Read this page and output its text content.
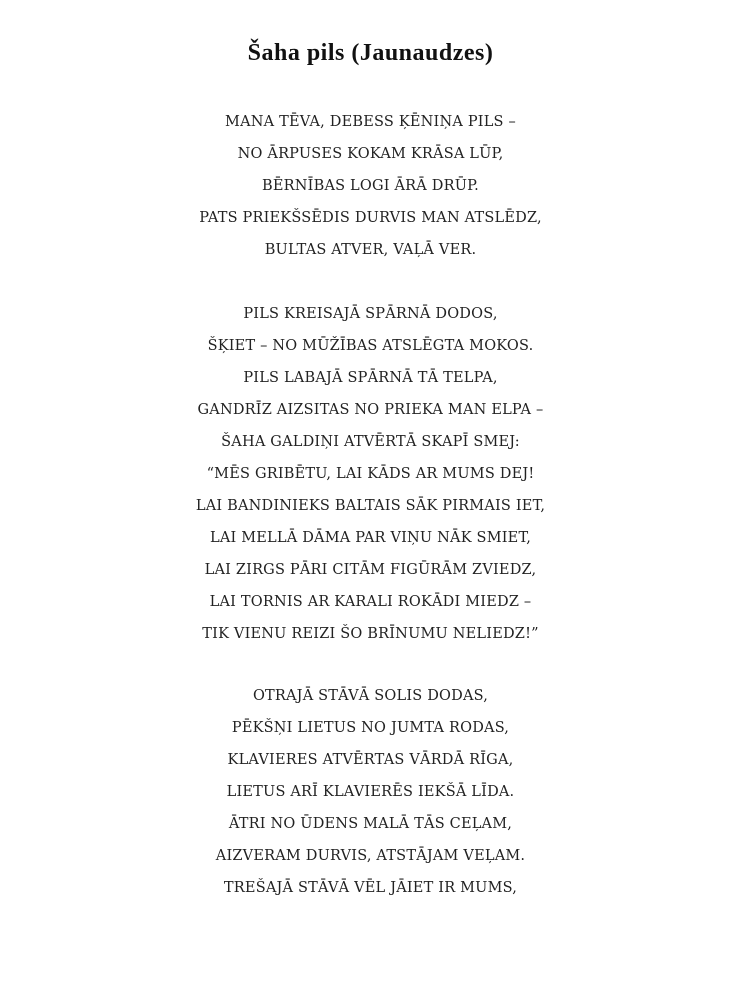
Šaha pils (Jaunaudzes)
MANA TĒVA, DEBESS ĶĒNIŅA PILS –
NO ĀRPUSES KOKAM KRĀSA LŪP,
BĒRNĪBAS LOGI ĀRĀ DRŪP.
PATS PRIEKŠSĒDIS DURVIS MAN ATSLĒDZ,
BULTAS ATVER, VAĻĀ VER.
PILS KREISAJĀ SPĀRNĀ DODOS,
ŠĶIET – NO MŪŽĪBAS ATSLĒGTA MOKOS.
PILS LABAJĀ SPĀRNĀ TĀ TELPA,
GANDRĪZ AIZSITAS NO PRIEKA MAN ELPA –
ŠAHA GALDIŅI ATVĒRTĀ SKAPĪ SMEJ:
“MĒS GRIBĒTU, LAI KĀDS AR MUMS DEJ!
LAI BANDINIEKS BALTAIS SĀK PIRMAIS IET,
LAI MELLĀ DĀMA PAR VIŅU NĀK SMIET,
LAI ZIRGS PĀRI CITĀM FIGŪRĀM ZVIEDZ,
LAI TORNIS AR KARALI ROKĀDI MIEDZ –
TIK VIENU REIZI ŠO BRĪNUMU NELIEDZ!”
OTRAJĀ STĀVĀ SOLIS DODAS,
PĒKŠŅI LIETUS NO JUMTA RODAS,
KLAVIERES ATVĒRTAS VĀRDĀ RĪGA,
LIETUS ARĪ KLAVIERĒS IEKŠĀ LĪDA.
ĀTRI NO ŪDENS MALĀ TĀS CEĻAM,
AIZVERAM DURVIS, ATSTĀJAM VEĻAM.
TREŠAJĀ STĀVĀ VĒL JĀIET IR MUMS,
